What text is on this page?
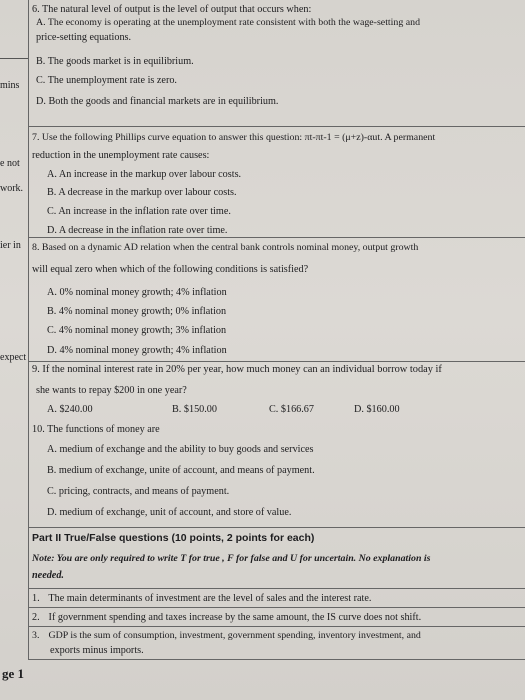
mins
e not
work.
ier in
expect
ge 1
6. The natural level of output is the level of output that occurs when:
A. The economy is operating at the unemployment rate consistent with both the wage-setting and
price-setting equations.
B. The goods market is in equilibrium.
C. The unemployment rate is zero.
D. Both the goods and financial markets are in equilibrium.
7. Use the following Phillips curve equation to answer this question: πt-πt-1 = (μ+z)-αut. A permanent
reduction in the unemployment rate causes:
A. An increase in the markup over labour costs.
B. A decrease in the markup over labour costs.
C. An increase in the inflation rate over time.
D. A decrease in the inflation rate over time.
8. Based on a dynamic AD relation when the central bank controls nominal money, output growth
will equal zero when which of the following conditions is satisfied?
A. 0% nominal money growth; 4% inflation
B. 4% nominal money growth; 0% inflation
C. 4% nominal money growth; 3% inflation
D. 4% nominal money growth; 4% inflation
9. If the nominal interest rate in 20% per year, how much money can an individual borrow today if
she wants to repay $200 in one year?
A. $240.00	B. $150.00	C. $166.67	D. $160.00
10. The functions of money are
A. medium of exchange and the ability to buy goods and services
B. medium of exchange, unite of account, and means of payment.
C. pricing, contracts, and means of payment.
D. medium of exchange, unit of account, and store of value.
Part II True/False questions (10 points, 2 points for each)
Note: You are only required to write T for true , F for false and U for uncertain. No explanation is
needed.
1. The main determinants of investment are the level of sales and the interest rate.
2. If government spending and taxes increase by the same amount, the IS curve does not shift.
3. GDP is the sum of consumption, investment, government spending, inventory investment, and
exports minus imports.
